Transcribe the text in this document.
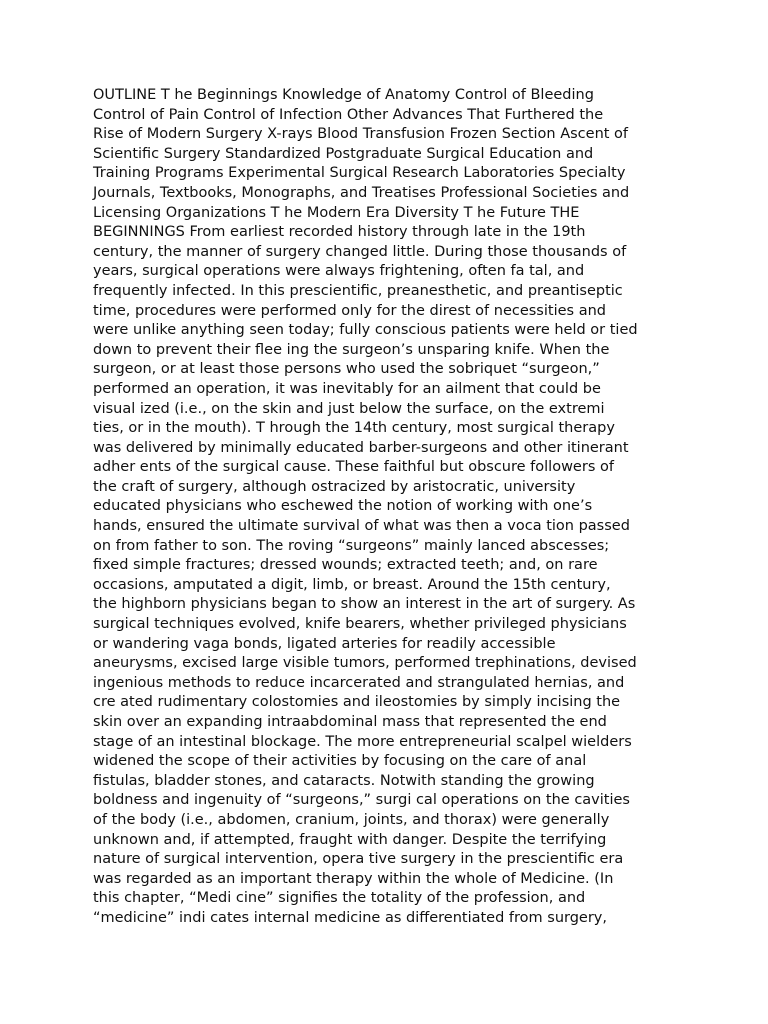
OUTLINE T he Beginnings Knowledge of Anatomy Control of Bleeding
Control of Pain Control of Infection Other Advances That Furthered the
Rise of Modern Surgery X-rays Blood Transfusion Frozen Section Ascent of
Scientific Surgery Standardized Postgraduate Surgical Education and
Training Programs Experimental Surgical Research Laboratories Specialty
Journals, Textbooks, Monographs, and Treatises Professional Societies and
Licensing Organizations T he Modern Era Diversity T he Future THE
BEGINNINGS From earliest recorded history through late in the 19th
century, the manner of surgery changed little. During those thousands of
years, surgical operations were always frightening, often fa tal, and
frequently infected. In this prescientific, preanesthetic, and preantiseptic
time, procedures were performed only for the direst of necessities and
were unlike anything seen today; fully conscious patients were held or tied
down to prevent their flee ing the surgeon’s unsparing knife. When the
surgeon, or at least those persons who used the sobriquet “surgeon,”
performed an operation, it was inevitably for an ailment that could be
visual ized (i.e., on the skin and just below the surface, on the extremi
ties, or in the mouth). T hrough the 14th century, most surgical therapy
was delivered by minimally educated barber-surgeons and other itinerant
adher ents of the surgical cause. These faithful but obscure followers of
the craft of surgery, although ostracized by aristocratic, university
educated physicians who eschewed the notion of working with one’s
hands, ensured the ultimate survival of what was then a voca tion passed
on from father to son. The roving “surgeons” mainly lanced abscesses;
fixed simple fractures; dressed wounds; extracted teeth; and, on rare
occasions, amputated a digit, limb, or breast. Around the 15th century,
the highborn physicians began to show an interest in the art of surgery. As
surgical techniques evolved, knife bearers, whether privileged physicians
or wandering vaga bonds, ligated arteries for readily accessible
aneurysms, excised large visible tumors, performed trephinations, devised
ingenious methods to reduce incarcerated and strangulated hernias, and
cre ated rudimentary colostomies and ileostomies by simply incising the
skin over an expanding intraabdominal mass that represented the end
stage of an intestinal blockage. The more entrepreneurial scalpel wielders
widened the scope of their activities by focusing on the care of anal
fistulas, bladder stones, and cataracts. Notwith standing the growing
boldness and ingenuity of “surgeons,” surgi cal operations on the cavities
of the body (i.e., abdomen, cranium, joints, and thorax) were generally
unknown and, if attempted, fraught with danger. Despite the terrifying
nature of surgical intervention, opera tive surgery in the prescientific era
was regarded as an important therapy within the whole of Medicine. (In
this chapter, “Medi cine” signifies the totality of the profession, and
“medicine” indi cates internal medicine as differentiated from surgery,
